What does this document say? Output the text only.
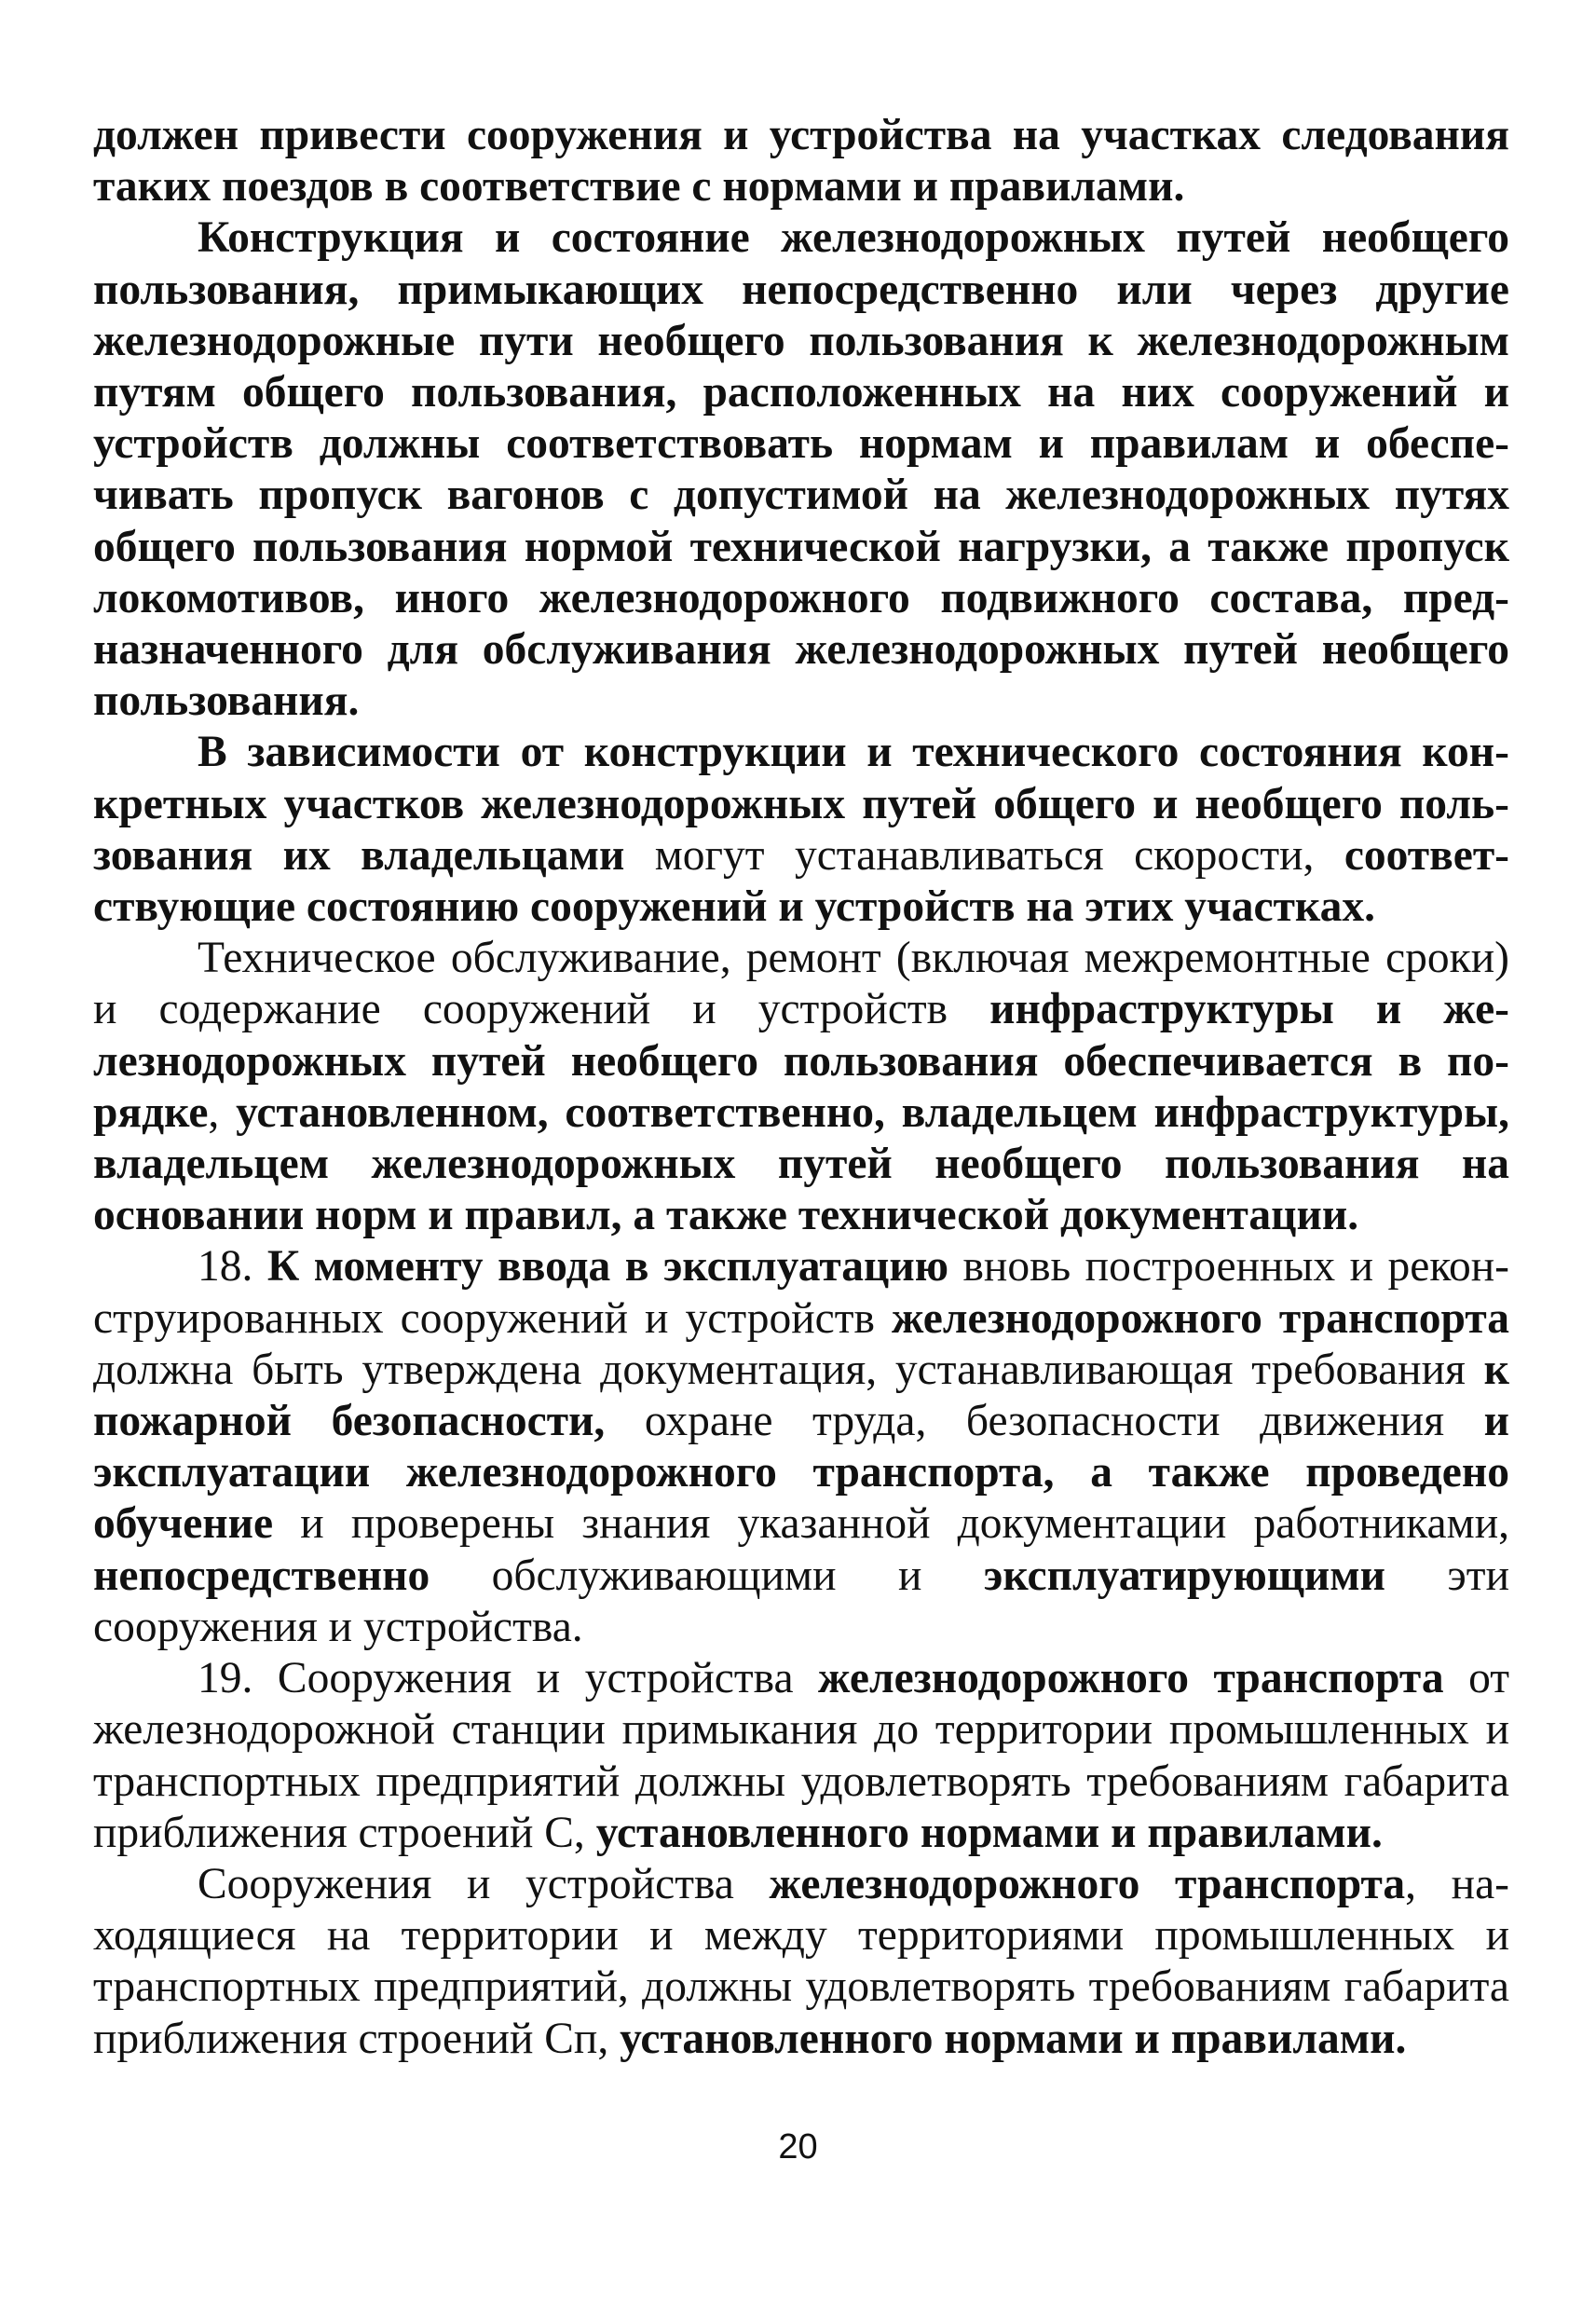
должен привести сооружения и устройства на участках следования таких поездов в соответствие с нормами и правилами.

Конструкция и состояние железнодорожных путей необщего пользования, примыкающих непосредственно или через другие железнодорожные пути необщего пользования к железнодорожным путям общего пользования, расположенных на них сооружений и устройств должны соответствовать нормам и правилам и обеспечивать пропуск вагонов с допустимой на железнодорожных путях общего пользования нормой технической нагрузки, а также пропуск локомотивов, иного железнодорожного подвижного состава, предназначенного для обслуживания железнодорожных путей необщего пользования.

В зависимости от конструкции и технического состояния конкретных участков железнодорожных путей общего и необщего пользования их владельцами могут устанавливаться скорости, соответствующие состоянию сооружений и устройств на этих участках.

Техническое обслуживание, ремонт (включая межремонтные сроки) и содержание сооружений и устройств инфраструктуры и железнодорожных путей необщего пользования обеспечивается в порядке, установленном, соответственно, владельцем инфраструктуры, владельцем железнодорожных путей необщего пользования на основании норм и правил, а также технической документации.

18. К моменту ввода в эксплуатацию вновь построенных и реконструированных сооружений и устройств железнодорожного транспорта должна быть утверждена документация, устанавливающая требования к пожарной безопасности, охране труда, безопасности движения и эксплуатации железнодорожного транспорта, а также проведено обучение и проверены знания указанной документации работниками, непосредственно обслуживающими и эксплуатирующими эти сооружения и устройства.

19. Сооружения и устройства железнодорожного транспорта от железнодорожной станции примыкания до территории промышленных и транспортных предприятий должны удовлетворять требованиям габарита приближения строений С, установленного нормами и правилами.

Сооружения и устройства железнодорожного транспорта, находящиеся на территории и между территориями промышленных и транспортных предприятий, должны удовлетворять требованиям габарита приближения строений Сп, установленного нормами и правилами.

20
